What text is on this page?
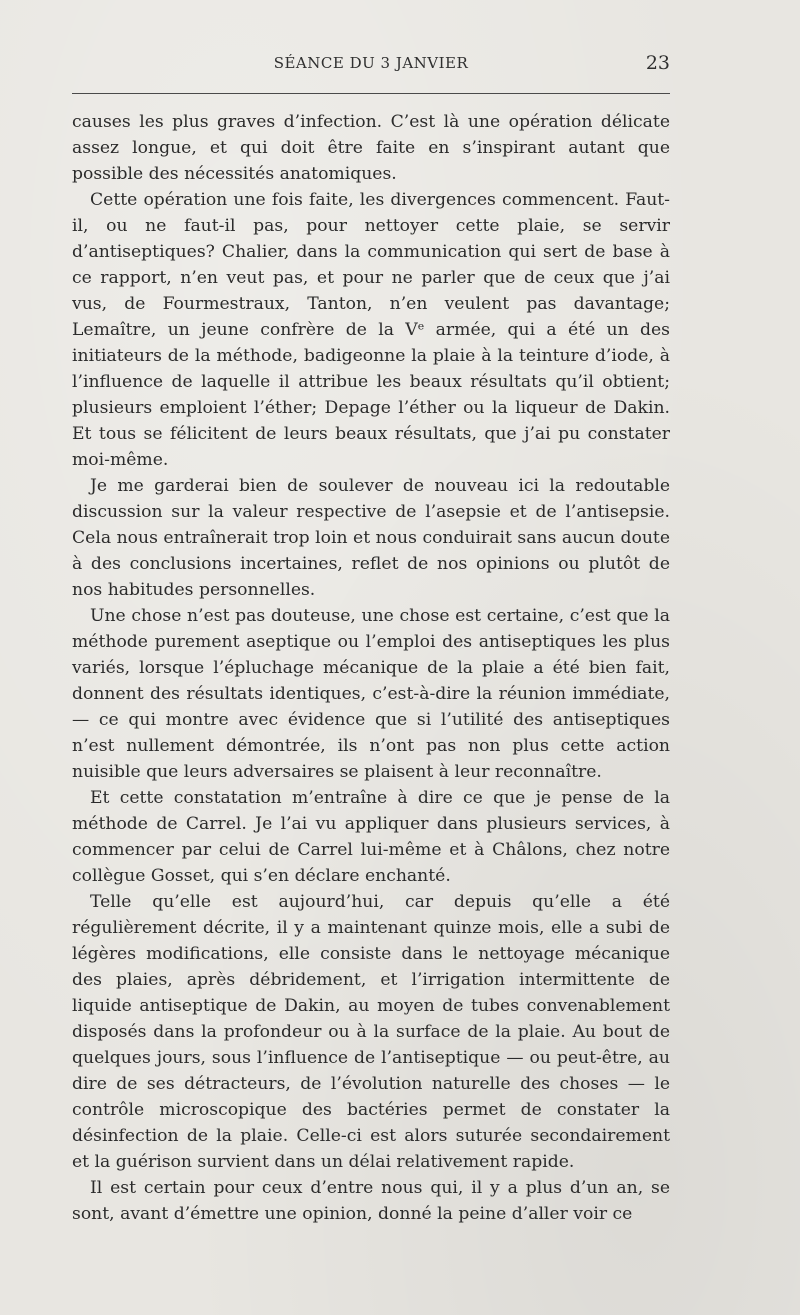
SÉANCE DU 3 JANVIER	23

causes les plus graves d’infection. C’est là une opération délicate assez longue, et qui doit être faite en s’inspirant autant que possible des nécessités anatomiques.

Cette opération une fois faite, les divergences commencent. Faut-il, ou ne faut-il pas, pour nettoyer cette plaie, se servir d’antiseptiques? Chalier, dans la communication qui sert de base à ce rapport, n’en veut pas, et pour ne parler que de ceux que j’ai vus, de Fourmestraux, Tanton, n’en veulent pas davantage; Lemaître, un jeune confrère de la Vᵉ armée, qui a été un des initiateurs de la méthode, badigeonne la plaie à la teinture d’iode, à l’influence de laquelle il attribue les beaux résultats qu’il obtient; plusieurs emploient l’éther; Depage l’éther ou la liqueur de Dakin. Et tous se félicitent de leurs beaux résultats, que j’ai pu constater moi-même.

Je me garderai bien de soulever de nouveau ici la redoutable discussion sur la valeur respective de l’asepsie et de l’antisepsie. Cela nous entraînerait trop loin et nous conduirait sans aucun doute à des conclusions incertaines, reflet de nos opinions ou plutôt de nos habitudes personnelles.

Une chose n’est pas douteuse, une chose est certaine, c’est que la méthode purement aseptique ou l’emploi des antiseptiques les plus variés, lorsque l’épluchage mécanique de la plaie a été bien fait, donnent des résultats identiques, c’est-à-dire la réunion immédiate, — ce qui montre avec évidence que si l’utilité des antiseptiques n’est nullement démontrée, ils n’ont pas non plus cette action nuisible que leurs adversaires se plaisent à leur reconnaître.

Et cette constatation m’entraîne à dire ce que je pense de la méthode de Carrel. Je l’ai vu appliquer dans plusieurs services, à commencer par celui de Carrel lui-même et à Châlons, chez notre collègue Gosset, qui s’en déclare enchanté.

Telle qu’elle est aujourd’hui, car depuis qu’elle a été régulièrement décrite, il y a maintenant quinze mois, elle a subi de légères modifications, elle consiste dans le nettoyage mécanique des plaies, après débridement, et l’irrigation intermittente de liquide antiseptique de Dakin, au moyen de tubes convenablement disposés dans la profondeur ou à la surface de la plaie. Au bout de quelques jours, sous l’influence de l’antiseptique — ou peut-être, au dire de ses détracteurs, de l’évolution naturelle des choses — le contrôle microscopique des bactéries permet de constater la désinfection de la plaie. Celle-ci est alors suturée secondairement et la guérison survient dans un délai relativement rapide.

Il est certain pour ceux d’entre nous qui, il y a plus d’un an, se sont, avant d’émettre une opinion, donné la peine d’aller voir ce
